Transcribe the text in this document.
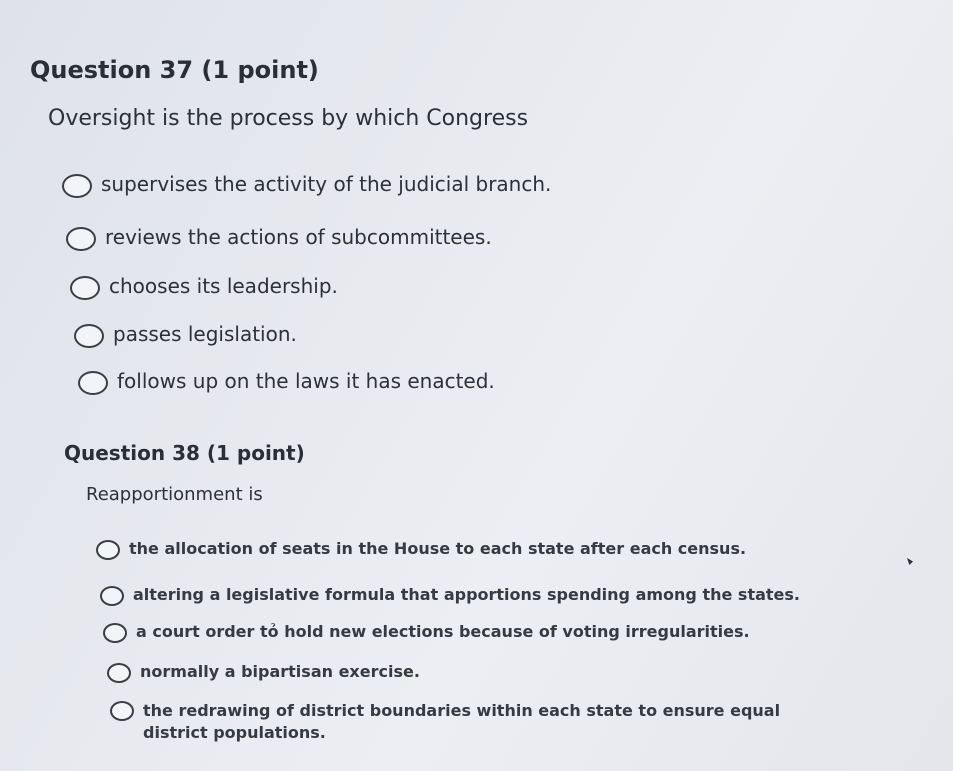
Question 37 (1 point)
Oversight is the process by which Congress
supervises the activity of the judicial branch.
reviews the actions of subcommittees.
chooses its leadership.
passes legislation.
follows up on the laws it has enacted.
Question 38 (1 point)
Reapportionment is
the allocation of seats in the House to each state after each census.
altering a legislative formula that apportions spending among the states.
a court order tỏ hold new elections because of voting irregularities.
normally a bipartisan exercise.
the redrawing of district boundaries within each state to ensure equal district populations.
